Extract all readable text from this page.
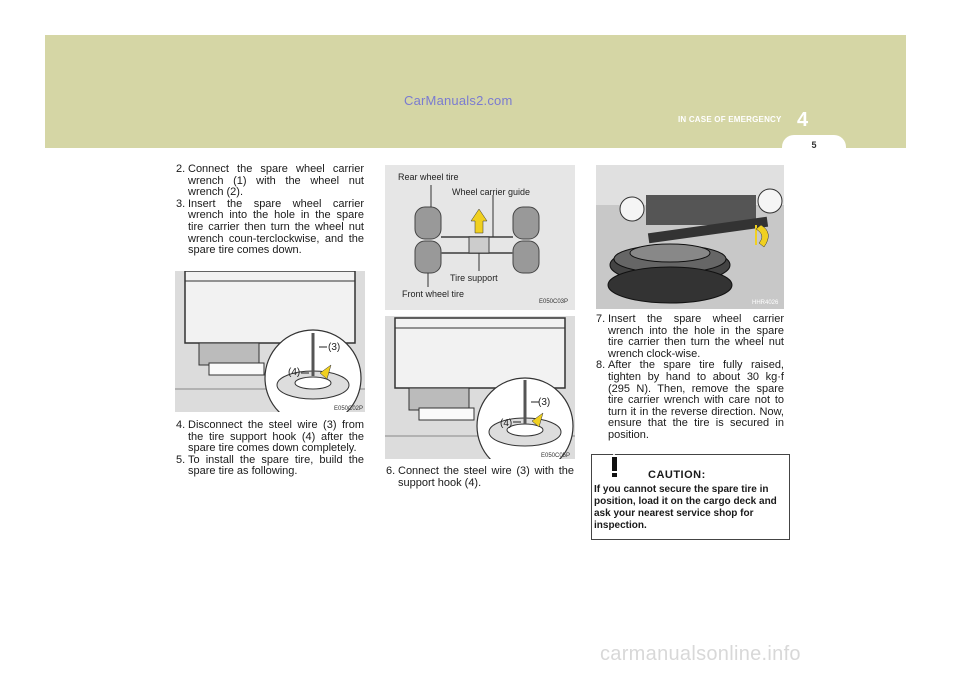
CarManuals2.com
IN CASE OF EMERGENCY 4
5
2. Connect the spare wheel carrier wrench (1) with the wheel nut wrench (2).
3. Insert the spare wheel carrier wrench into the hole in the spare tire carrier then turn the wheel nut wrench coun-terclockwise, and the spare tire comes down.
(3)
(4)
E050C02P
4. Disconnect the steel wire (3) from the tire support hook (4) after the spare tire comes down completely.
5. To install the spare tire, build the spare tire as following.
Rear wheel tire
Wheel carrier guide
Tire support
Front wheel tire
E050C03P
(3)
(4)
E050C05P
6. Connect the steel wire (3) with the support hook (4).
HHR4026
7. Insert the spare wheel carrier wrench into the hole in the spare tire carrier then turn the wheel nut wrench clock-wise.
8. After the spare tire fully raised, tighten by hand to about 30 kg·f (295 N). Then, remove the spare tire carrier wrench with care not to turn it in the reverse direction. Now, ensure that the tire is secured in position.
CAUTION:
If you cannot secure the spare tire in position, load it on the cargo deck and ask your nearest service shop for inspection.
carmanualsonline.info
